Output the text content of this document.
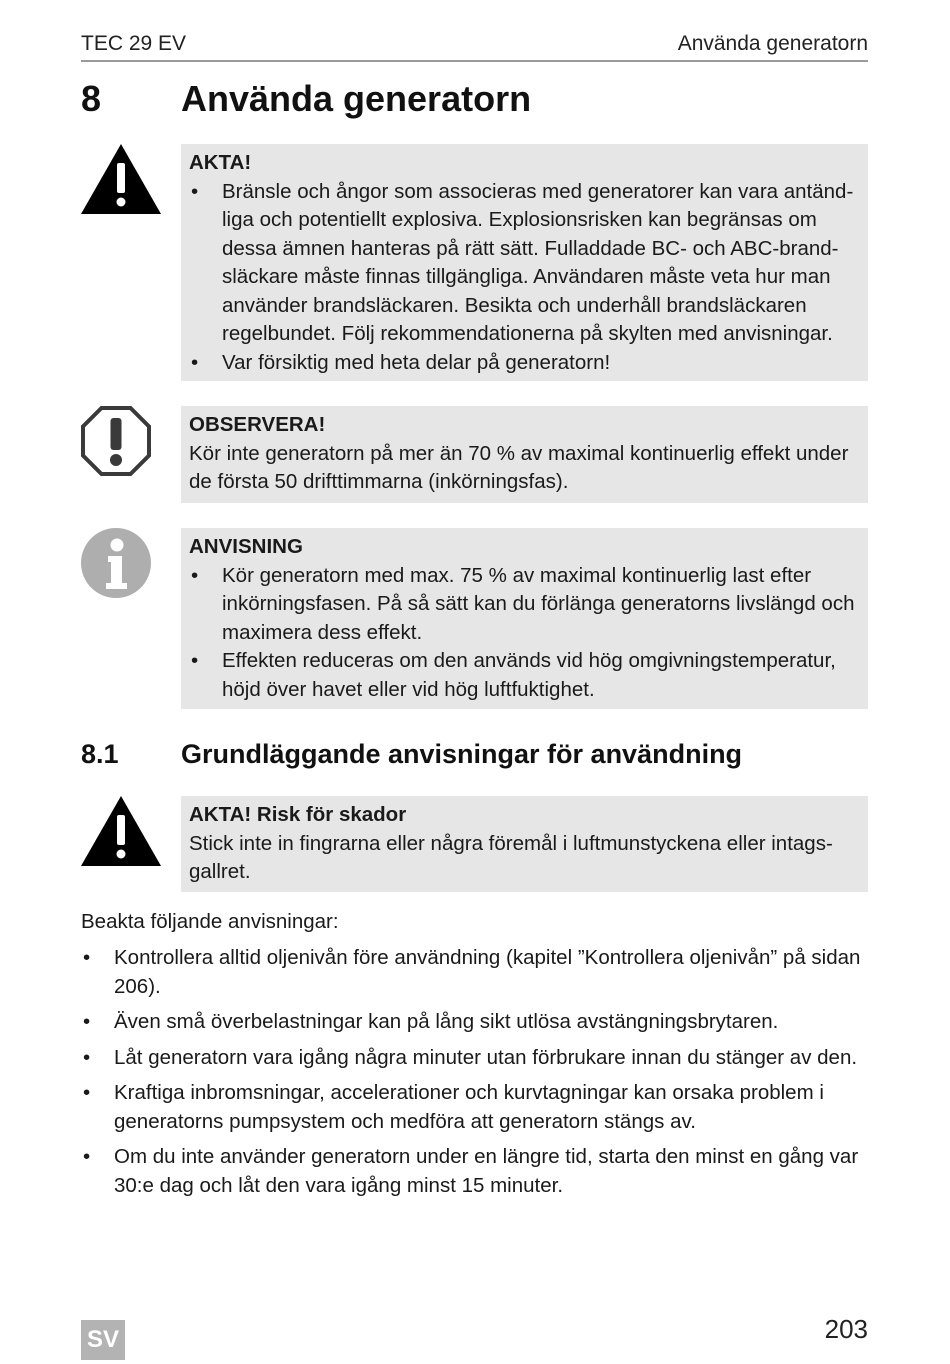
TEC 29 EV	Använda generatorn
8 Använda generatorn
AKTA!
• Bränsle och ångor som associeras med generatorer kan vara antändliga och potentiellt explosiva. Explosionsrisken kan begränsas om dessa ämnen hanteras på rätt sätt. Fulladdade BC- och ABC-brandsläckare måste finnas tillgängliga. Användaren måste veta hur man använder brandsläckaren. Besikta och underhåll brandsläckaren regelbundet. Följ rekommendationerna på skylten med anvisningar.
• Var försiktig med heta delar på generatorn!
OBSERVERA!
Kör inte generatorn på mer än 70 % av maximal kontinuerlig effekt under de första 50 drifttimmarna (inkörningsfas).
ANVISNING
• Kör generatorn med max. 75 % av maximal kontinuerlig last efter inkörningsfasen. På så sätt kan du förlänga generatorns livslängd och maximera dess effekt.
• Effekten reduceras om den används vid hög omgivningstemperatur, höjd över havet eller vid hög luftfuktighet.
8.1 Grundläggande anvisningar för användning
AKTA! Risk för skador
Stick inte in fingrarna eller några föremål i luftmunstyckena eller intagsgallret.
Beakta följande anvisningar:
• Kontrollera alltid oljenivån före användning (kapitel ”Kontrollera oljenivån” på sidan 206).
• Även små överbelastningar kan på lång sikt utlösa avstängningsbrytaren.
• Låt generatorn vara igång några minuter utan förbrukare innan du stänger av den.
• Kraftiga inbromsningar, accelerationer och kurvtagningar kan orsaka problem i generatorns pumpsystem och medföra att generatorn stängs av.
• Om du inte använder generatorn under en längre tid, starta den minst en gång var 30:e dag och låt den vara igång minst 15 minuter.
SV	203
